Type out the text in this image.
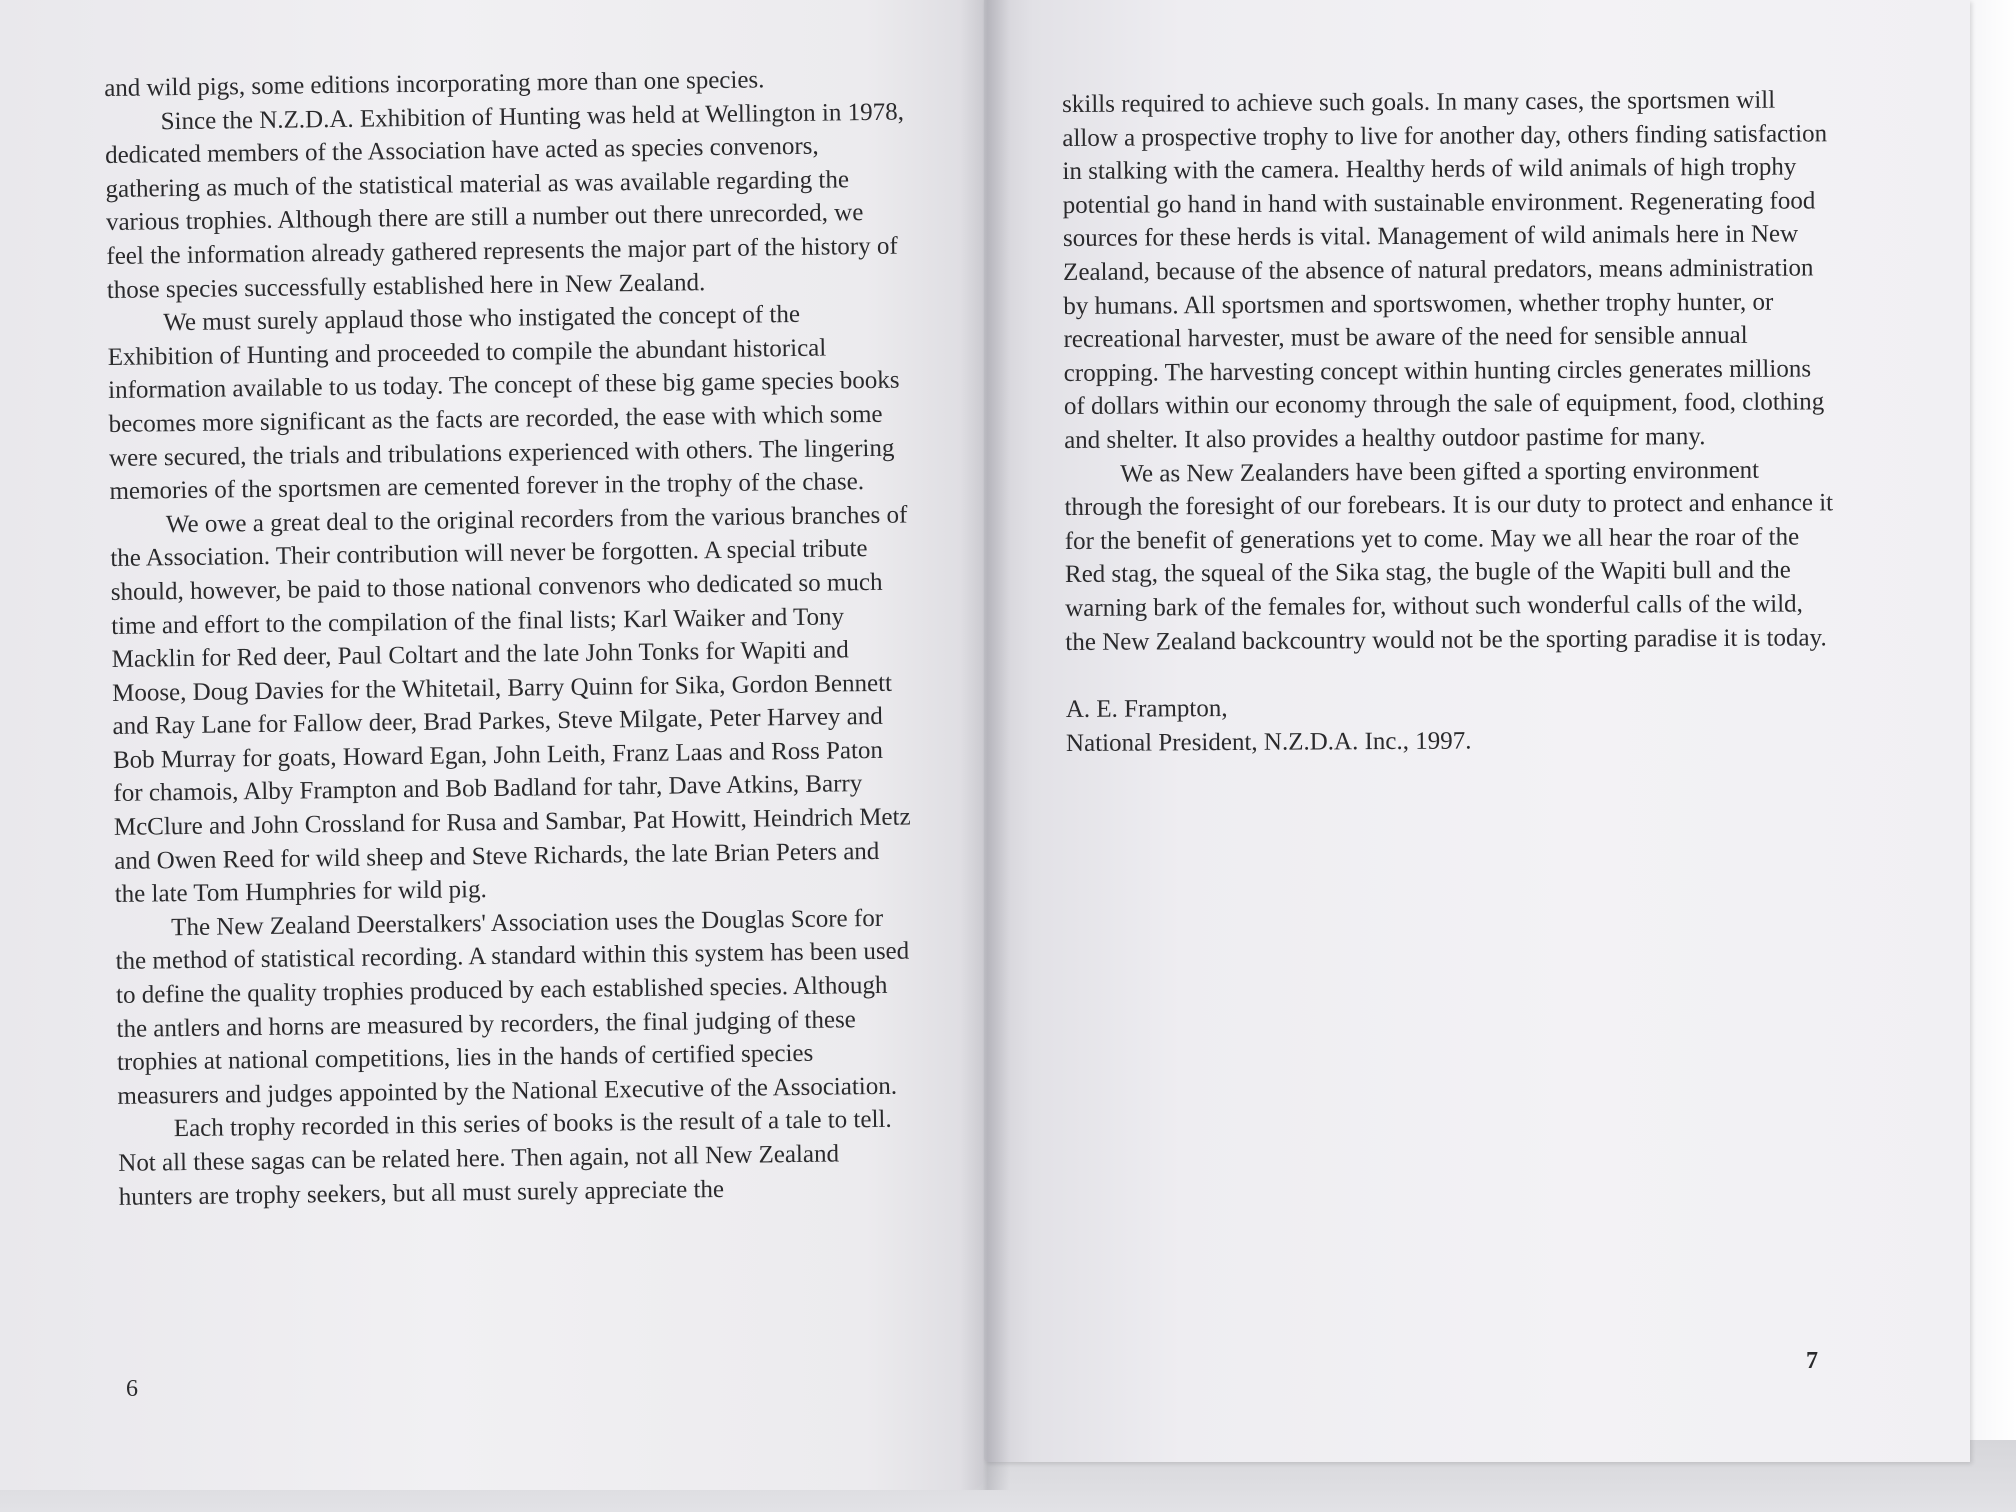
and wild pigs, some editions incorporating more than one species.

Since the N.Z.D.A. Exhibition of Hunting was held at Wellington in 1978, dedicated members of the Association have acted as species convenors, gathering as much of the statistical material as was available regarding the various trophies. Although there are still a number out there unrecorded, we feel the information already gathered represents the major part of the history of those species successfully established here in New Zealand.

We must surely applaud those who instigated the concept of the Exhibition of Hunting and proceeded to compile the abundant historical information available to us today. The concept of these big game species books becomes more significant as the facts are recorded, the ease with which some were secured, the trials and tribulations experienced with others. The lingering memories of the sportsmen are cemented forever in the trophy of the chase.

We owe a great deal to the original recorders from the various branches of the Association. Their contribution will never be forgotten. A special tribute should, however, be paid to those national convenors who dedicated so much time and effort to the compilation of the final lists; Karl Waiker and Tony Macklin for Red deer, Paul Coltart and the late John Tonks for Wapiti and Moose, Doug Davies for the Whitetail, Barry Quinn for Sika, Gordon Bennett and Ray Lane for Fallow deer, Brad Parkes, Steve Milgate, Peter Harvey and Bob Murray for goats, Howard Egan, John Leith, Franz Laas and Ross Paton for chamois, Alby Frampton and Bob Badland for tahr, Dave Atkins, Barry McClure and John Crossland for Rusa and Sambar, Pat Howitt, Heindrich Metz and Owen Reed for wild sheep and Steve Richards, the late Brian Peters and the late Tom Humphries for wild pig.

The New Zealand Deerstalkers' Association uses the Douglas Score for the method of statistical recording. A standard within this system has been used to define the quality trophies produced by each established species. Although the antlers and horns are measured by recorders, the final judging of these trophies at national competitions, lies in the hands of certified species measurers and judges appointed by the National Executive of the Association.

Each trophy recorded in this series of books is the result of a tale to tell. Not all these sagas can be related here. Then again, not all New Zealand hunters are trophy seekers, but all must surely appreciate the

6

skills required to achieve such goals. In many cases, the sportsmen will allow a prospective trophy to live for another day, others finding satisfaction in stalking with the camera. Healthy herds of wild animals of high trophy potential go hand in hand with sustainable environment. Regenerating food sources for these herds is vital. Management of wild animals here in New Zealand, because of the absence of natural predators, means administration by humans. All sportsmen and sportswomen, whether trophy hunter, or recreational harvester, must be aware of the need for sensible annual cropping. The harvesting concept within hunting circles generates millions of dollars within our economy through the sale of equipment, food, clothing and shelter. It also provides a healthy outdoor pastime for many.

We as New Zealanders have been gifted a sporting environment through the foresight of our forebears. It is our duty to protect and enhance it for the benefit of generations yet to come. May we all hear the roar of the Red stag, the squeal of the Sika stag, the bugle of the Wapiti bull and the warning bark of the females for, without such wonderful calls of the wild, the New Zealand backcountry would not be the sporting paradise it is today.

A. E. Frampton,

National President, N.Z.D.A. Inc., 1997.

7
